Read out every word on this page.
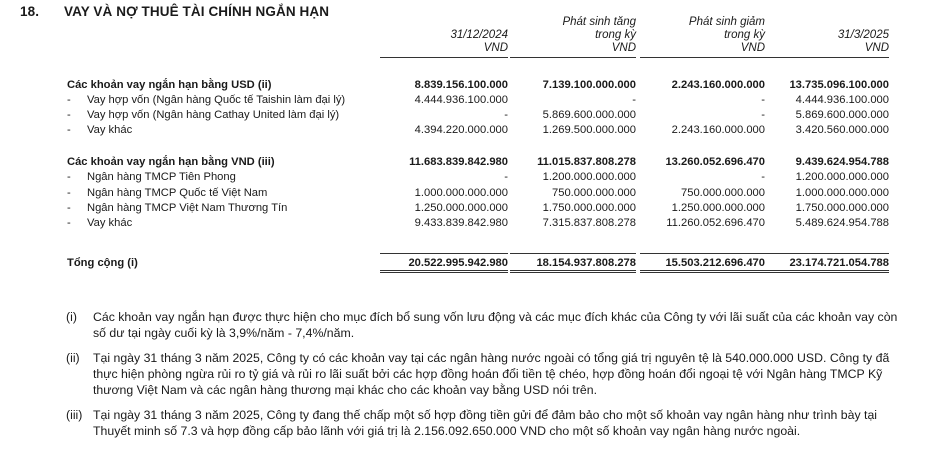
18. VAY VÀ NỢ THUÊ TÀI CHÍNH NGẮN HẠN

31/12/2024
VND
Phát sinh tăng
trong kỳ
VND
Phát sinh giảm
trong kỳ
VND

31/3/2025
VND
Các khoản vay ngắn hạn bằng USD (ii)	8.839.156.100.000	7.139.100.000.000	2.243.160.000.000	13.735.096.100.000
- Vay hợp vốn (Ngân hàng Quốc tế Taishin làm đại lý)	4.444.936.100.000	-	-	4.444.936.100.000
- Vay hợp vốn (Ngân hàng Cathay United làm đại lý)	-	5.869.600.000.000	-	5.869.600.000.000
- Vay khác	4.394.220.000.000	1.269.500.000.000	2.243.160.000.000	3.420.560.000.000
Các khoản vay ngắn hạn bằng VND (iii)	11.683.839.842.980	11.015.837.808.278	13.260.052.696.470	9.439.624.954.788
- Ngân hàng TMCP Tiên Phong	-	1.200.000.000.000	-	1.200.000.000.000
- Ngân hàng TMCP Quốc tế Việt Nam	1.000.000.000.000	750.000.000.000	750.000.000.000	1.000.000.000.000
- Ngân hàng TMCP Việt Nam Thương Tín	1.250.000.000.000	1.750.000.000.000	1.250.000.000.000	1.750.000.000.000
- Vay khác	9.433.839.842.980	7.315.837.808.278	11.260.052.696.470	5.489.624.954.788
Tổng cộng (i)	20.522.995.942.980	18.154.937.808.278	15.503.212.696.470	23.174.721.054.788
(i) Các khoản vay ngắn hạn được thực hiện cho mục đích bổ sung vốn lưu động và các mục đích khác của Công ty với lãi suất của các khoản vay còn số dư tại ngày cuối kỳ là 3,9%/năm - 7,4%/năm.
(ii) Tại ngày 31 tháng 3 năm 2025, Công ty có các khoản vay tại các ngân hàng nước ngoài có tổng giá trị nguyên tệ là 540.000.000 USD. Công ty đã thực hiện phòng ngừa rủi ro tỷ giá và rủi ro lãi suất bởi các hợp đồng hoán đổi tiền tệ chéo, hợp đồng hoán đổi ngoại tệ với Ngân hàng TMCP Kỹ thương Việt Nam và các ngân hàng thương mại khác cho các khoản vay bằng USD nói trên.
(iii) Tại ngày 31 tháng 3 năm 2025, Công ty đang thế chấp một số hợp đồng tiền gửi để đảm bảo cho một số khoản vay ngân hàng như trình bày tại Thuyết minh số 7.3 và hợp đồng cấp bảo lãnh với giá trị là 2.156.092.650.000 VND cho một số khoản vay ngân hàng nước ngoài.
